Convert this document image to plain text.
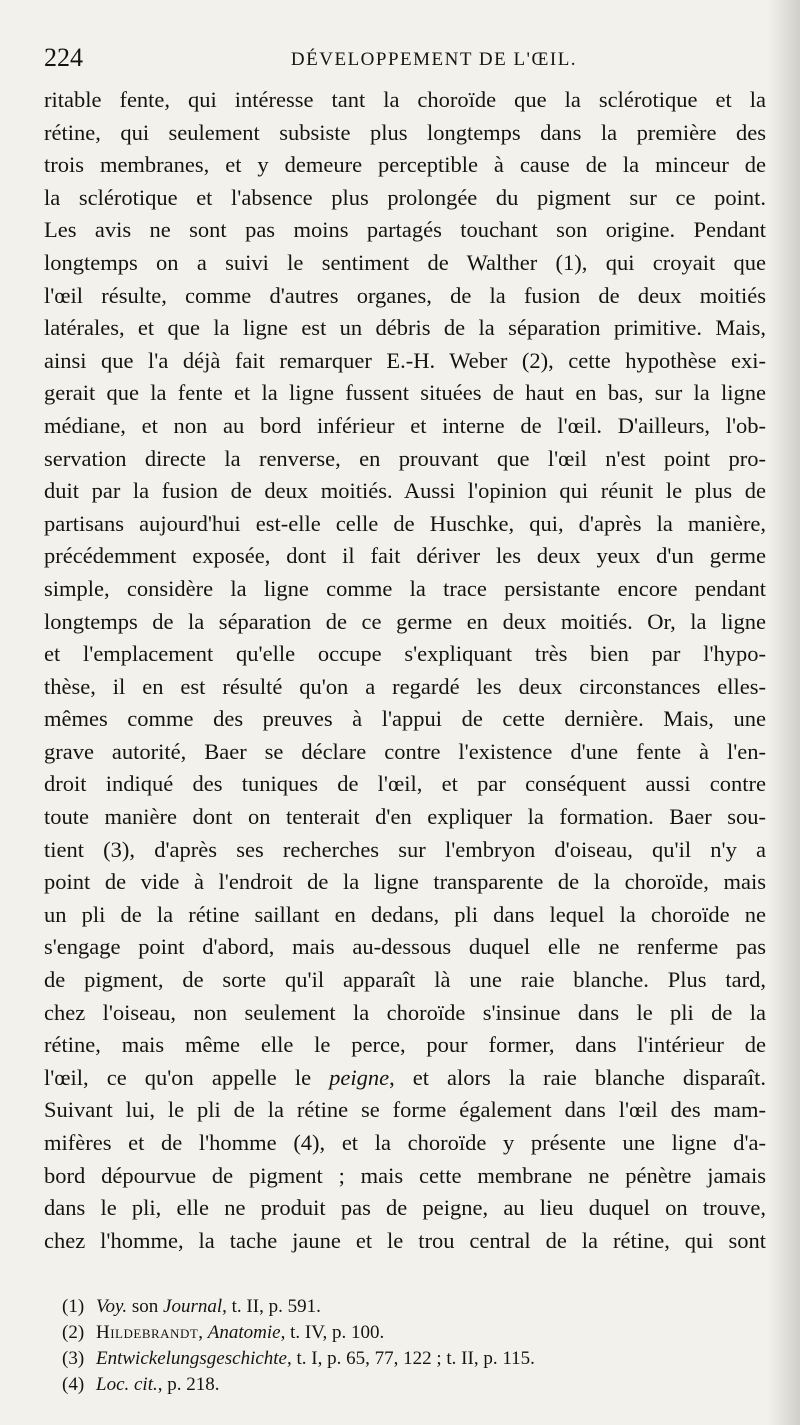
224	DÉVELOPPEMENT DE L'ŒIL.
ritable fente, qui intéresse tant la choroïde que la sclérotique et la
rétine, qui seulement subsiste plus longtemps dans la première des
trois membranes, et y demeure perceptible à cause de la minceur de
la sclérotique et l'absence plus prolongée du pigment sur ce point.
Les avis ne sont pas moins partagés touchant son origine. Pendant
longtemps on a suivi le sentiment de Walther (1), qui croyait que
l'œil résulte, comme d'autres organes, de la fusion de deux moitiés
latérales, et que la ligne est un débris de la séparation primitive. Mais,
ainsi que l'a déjà fait remarquer E.-H. Weber (2), cette hypothèse exi-
gerait que la fente et la ligne fussent situées de haut en bas, sur la ligne
médiane, et non au bord inférieur et interne de l'œil. D'ailleurs, l'ob-
servation directe la renverse, en prouvant que l'œil n'est point pro-
duit par la fusion de deux moitiés. Aussi l'opinion qui réunit le plus de
partisans aujourd'hui est-elle celle de Huschke, qui, d'après la manière,
précédemment exposée, dont il fait dériver les deux yeux d'un germe
simple, considère la ligne comme la trace persistante encore pendant
longtemps de la séparation de ce germe en deux moitiés. Or, la ligne
et l'emplacement qu'elle occupe s'expliquant très bien par l'hypo-
thèse, il en est résulté qu'on a regardé les deux circonstances elles-
mêmes comme des preuves à l'appui de cette dernière. Mais, une
grave autorité, Baer se déclare contre l'existence d'une fente à l'en-
droit indiqué des tuniques de l'œil, et par conséquent aussi contre
toute manière dont on tenterait d'en expliquer la formation. Baer sou-
tient (3), d'après ses recherches sur l'embryon d'oiseau, qu'il n'y a
point de vide à l'endroit de la ligne transparente de la choroïde, mais
un pli de la rétine saillant en dedans, pli dans lequel la choroïde ne
s'engage point d'abord, mais au-dessous duquel elle ne renferme pas
de pigment, de sorte qu'il apparaît là une raie blanche. Plus tard,
chez l'oiseau, non seulement la choroïde s'insinue dans le pli de la
rétine, mais même elle le perce, pour former, dans l'intérieur de
l'œil, ce qu'on appelle le peigne, et alors la raie blanche disparaît.
Suivant lui, le pli de la rétine se forme également dans l'œil des mam-
mifères et de l'homme (4), et la choroïde y présente une ligne d'a-
bord dépourvue de pigment ; mais cette membrane ne pénètre jamais
dans le pli, elle ne produit pas de peigne, au lieu duquel on trouve,
chez l'homme, la tache jaune et le trou central de la rétine, qui sont
(1) Voy. son Journal, t. II, p. 591.
(2) Hildebrandt, Anatomie, t. IV, p. 100.
(3) Entwickelungsgeschichte, t. I, p. 65, 77, 122 ; t. II, p. 115.
(4) Loc. cit., p. 218.
